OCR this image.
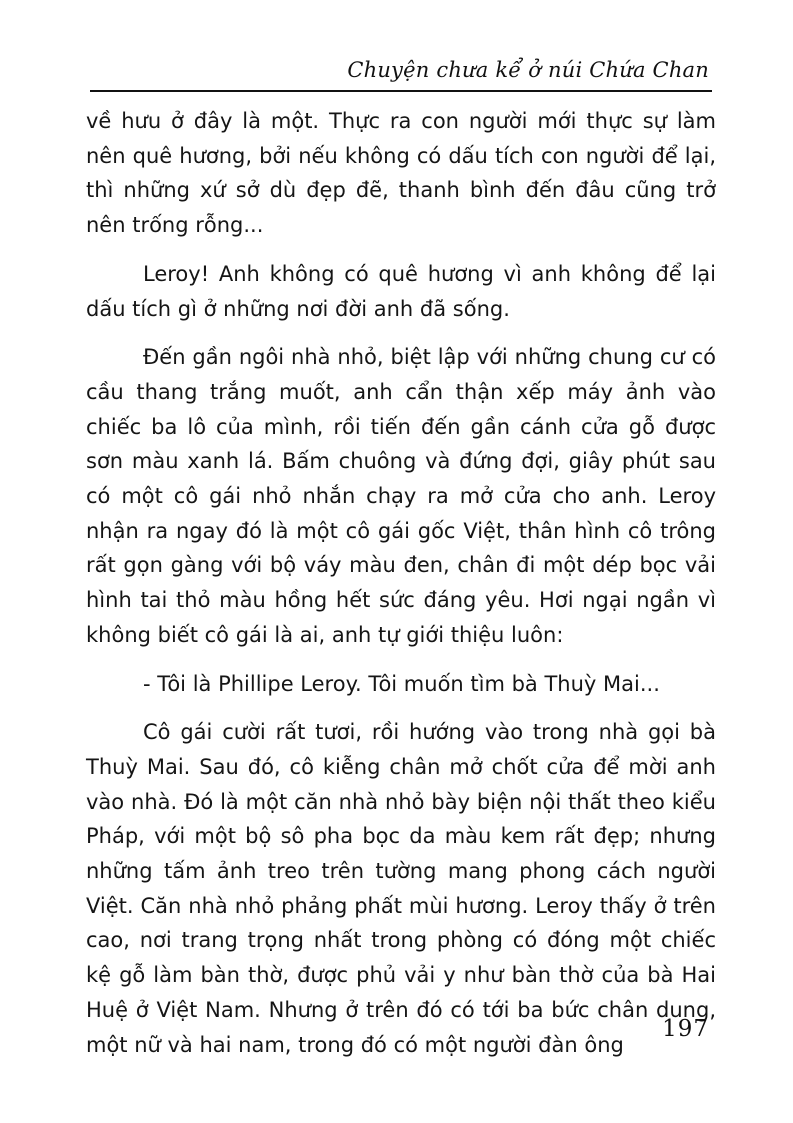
Chuyện chưa kể ở núi Chứa Chan

về hưu ở đây là một. Thực ra con người mới thực sự làm nên quê hương, bởi nếu không có dấu tích con người để lại, thì những xứ sở dù đẹp đẽ, thanh bình đến đâu cũng trở nên trống rỗng...

Leroy! Anh không có quê hương vì anh không để lại dấu tích gì ở những nơi đời anh đã sống.

Đến gần ngôi nhà nhỏ, biệt lập với những chung cư có cầu thang trắng muốt, anh cẩn thận xếp máy ảnh vào chiếc ba lô của mình, rồi tiến đến gần cánh cửa gỗ được sơn màu xanh lá. Bấm chuông và đứng đợi, giây phút sau có một cô gái nhỏ nhắn chạy ra mở cửa cho anh. Leroy nhận ra ngay đó là một cô gái gốc Việt, thân hình cô trông rất gọn gàng với bộ váy màu đen, chân đi một dép bọc vải hình tai thỏ màu hồng hết sức đáng yêu. Hơi ngại ngần vì không biết cô gái là ai, anh tự giới thiệu luôn:

- Tôi là Phillipe Leroy. Tôi muốn tìm bà Thuỳ Mai...

Cô gái cười rất tươi, rồi hướng vào trong nhà gọi bà Thuỳ Mai. Sau đó, cô kiễng chân mở chốt cửa để mời anh vào nhà. Đó là một căn nhà nhỏ bày biện nội thất theo kiểu Pháp, với một bộ sô pha bọc da màu kem rất đẹp; nhưng những tấm ảnh treo trên tường mang phong cách người Việt. Căn nhà nhỏ phảng phất mùi hương. Leroy thấy ở trên cao, nơi trang trọng nhất trong phòng có đóng một chiếc kệ gỗ làm bàn thờ, được phủ vải y như bàn thờ của bà Hai Huệ ở Việt Nam. Nhưng ở trên đó có tới ba bức chân dung, một nữ và hai nam, trong đó có một người đàn ông

197
